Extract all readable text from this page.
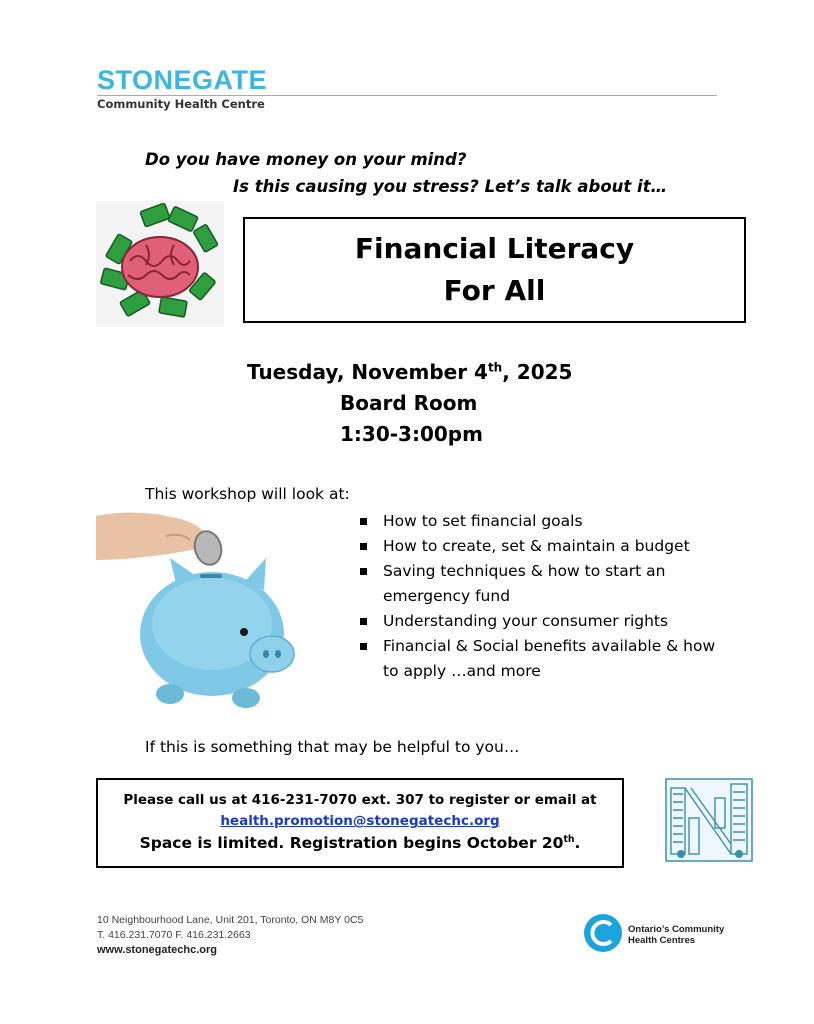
STONEGATE
Community Health Centre
Do you have money on your mind?
Is this causing you stress? Let’s talk about it…
Financial Literacy
For All
Tuesday, November 4th, 2025
Board Room
1:30-3:00pm
This workshop will look at:
How to set financial goals
How to create, set & maintain a budget
Saving techniques & how to start an emergency fund
Understanding your consumer rights
Financial & Social benefits available & how to apply …and more
If this is something that may be helpful to you…
Please call us at 416-231-7070 ext. 307 to register or email at
health.promotion@stonegatechc.org
Space is limited. Registration begins October 20th.
10 Neighbourhood Lane, Unit 201, Toronto, ON M8Y 0C5
T. 416.231.7070 F. 416.231.2663
www.stonegatechc.org
Ontario’s Community
Health Centres
